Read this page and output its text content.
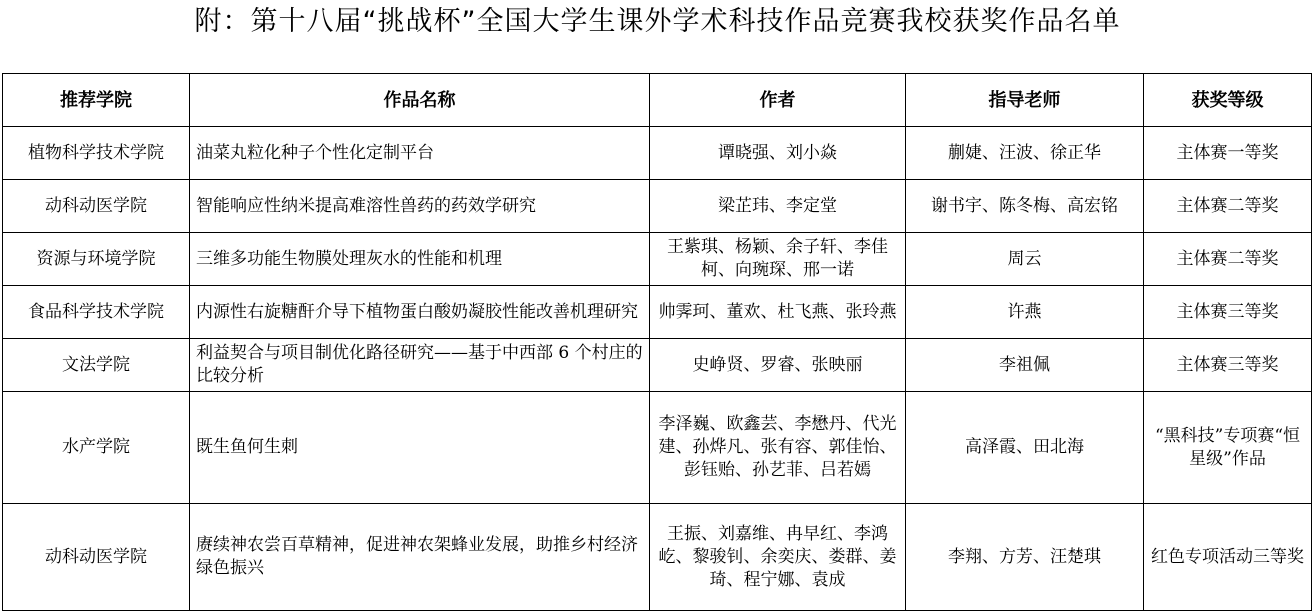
附：第十八届“挑战杯”全国大学生课外学术科技作品竞赛我校获奖作品名单
推荐学院	作品名称	作者	指导老师	获奖等级
植物科学技术学院	油菜丸粒化种子个性化定制平台	谭晓强、刘小焱	蒯婕、汪波、徐正华	主体赛一等奖
动科动医学院	智能响应性纳米提高难溶性兽药的药效学研究	梁芷玮、李定堂	谢书宇、陈冬梅、高宏铭	主体赛二等奖
资源与环境学院	三维多功能生物膜处理灰水的性能和机理	王紫琪、杨颖、余子轩、李佳柯、向琬琛、邢一诺	周云	主体赛二等奖
食品科学技术学院	内源性右旋糖酐介导下植物蛋白酸奶凝胶性能改善机理研究	帅霁珂、董欢、杜飞燕、张玲燕	许燕	主体赛三等奖
文法学院	利益契合与项目制优化路径研究——基于中西部 6 个村庄的比较分析	史峥贤、罗睿、张映丽	李祖佩	主体赛三等奖
水产学院	既生鱼何生刺	李泽巍、欧鑫芸、李懋丹、代光建、孙烨凡、张有容、郭佳怡、彭钰贻、孙艺菲、吕若嫣	高泽霞、田北海	“黑科技”专项赛“恒星级”作品
动科动医学院	赓续神农尝百草精神，促进神农架蜂业发展，助推乡村经济绿色振兴	王振、刘嘉维、冉早红、李鸿屹、黎骏钊、余奕庆、娄群、姜琦、程宁娜、袁成	李翔、方芳、汪楚琪	红色专项活动三等奖
